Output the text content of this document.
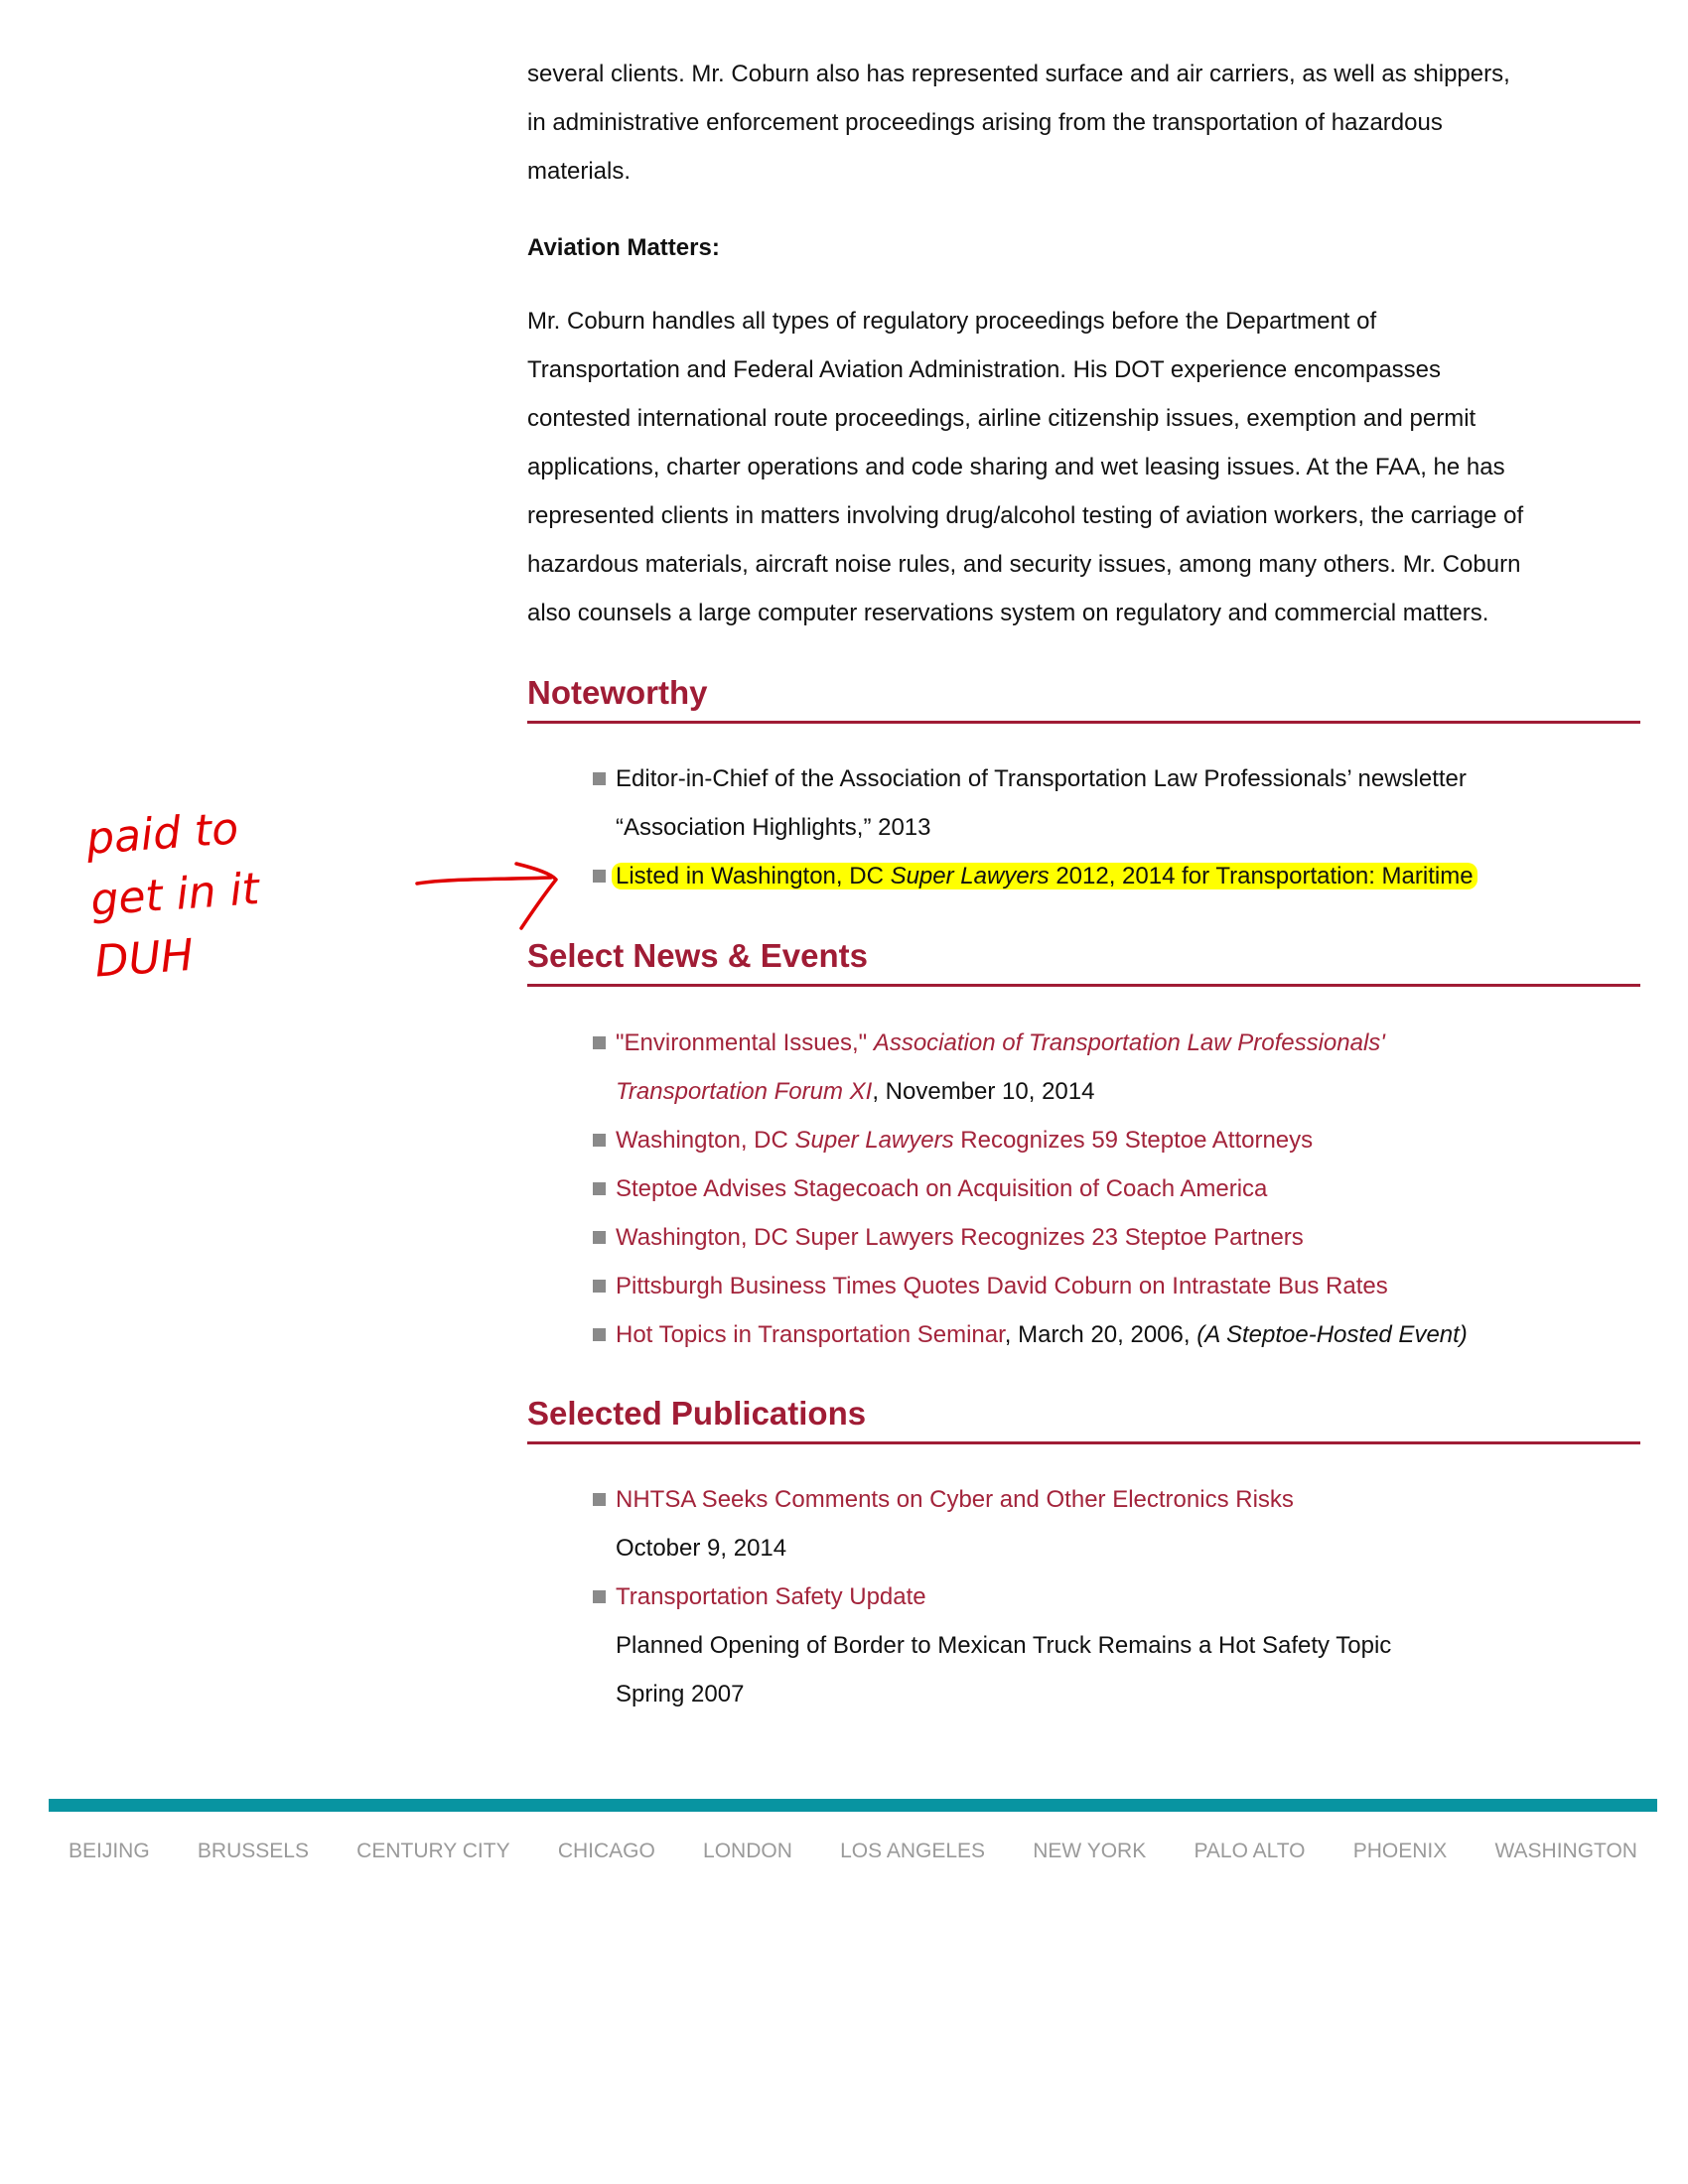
several clients. Mr. Coburn also has represented surface and air carriers, as well as shippers,
in administrative enforcement proceedings arising from the transportation of hazardous
materials.
Aviation Matters:
Mr. Coburn handles all types of regulatory proceedings before the Department of
Transportation and Federal Aviation Administration. His DOT experience encompasses
contested international route proceedings, airline citizenship issues, exemption and permit
applications, charter operations and code sharing and wet leasing issues. At the FAA, he has
represented clients in matters involving drug/alcohol testing of aviation workers, the carriage of
hazardous materials, aircraft noise rules, and security issues, among many others. Mr. Coburn
also counsels a large computer reservations system on regulatory and commercial matters.
Noteworthy
Editor-in-Chief of the Association of Transportation Law Professionals’ newsletter
“Association Highlights,” 2013
Listed in Washington, DC Super Lawyers 2012, 2014 for Transportation: Maritime
Select News & Events
"Environmental Issues," Association of Transportation Law Professionals'
Transportation Forum XI, November 10, 2014
Washington, DC Super Lawyers Recognizes 59 Steptoe Attorneys
Steptoe Advises Stagecoach on Acquisition of Coach America
Washington, DC Super Lawyers Recognizes 23 Steptoe Partners
Pittsburgh Business Times Quotes David Coburn on Intrastate Bus Rates
Hot Topics in Transportation Seminar, March 20, 2006, (A Steptoe-Hosted Event)
Selected Publications
NHTSA Seeks Comments on Cyber and Other Electronics Risks
October 9, 2014
Transportation Safety Update
Planned Opening of Border to Mexican Truck Remains a Hot Safety Topic
Spring 2007
BEIJING BRUSSELS CENTURY CITY CHICAGO LONDON LOS ANGELES NEW YORK PALO ALTO PHOENIX WASHINGTON
paid to get in it DUH
